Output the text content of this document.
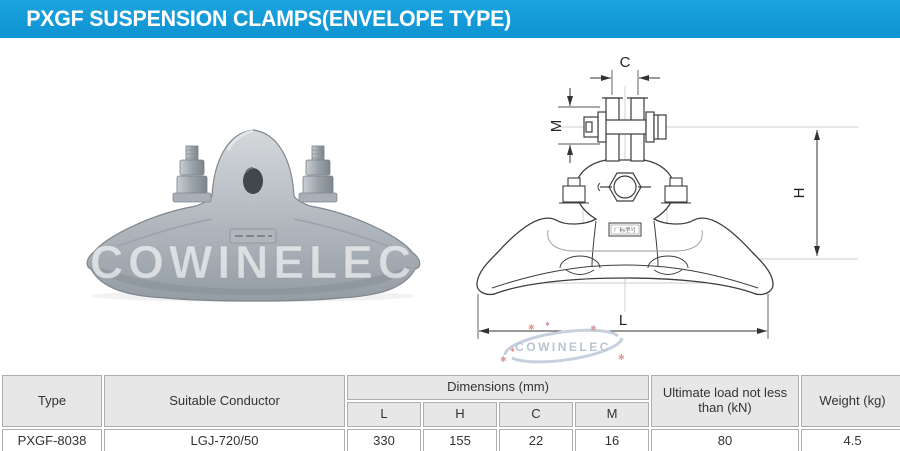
PXGF SUSPENSION CLAMPS(ENVELOPE TYPE)
COWINELEC
厂标型号
C
M
H
L
COWINELEC
✱	✱
✱	✱
✱
✱
Type	Suitable Conductor	Dimensions (mm)				Ultimate load not less than (kN)	Weight (kg)
		L	H	C	M		
PXGF-8038	LGJ-720/50	330	155	22	16	80	4.5
